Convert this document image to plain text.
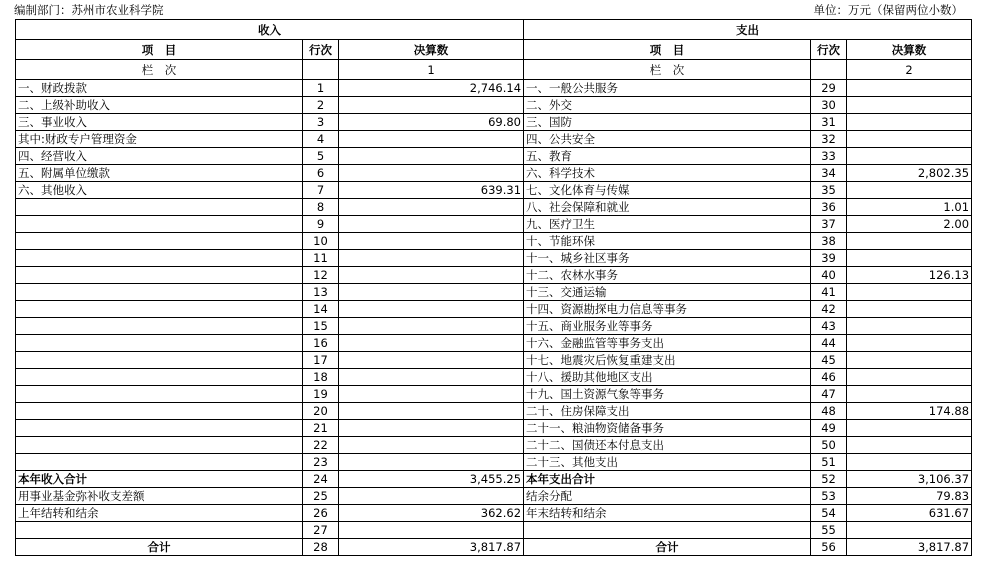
编制部门：苏州市农业科学院	单位：万元（保留两位小数）
收入			支出		
项　目	行次	决算数	项　目	行次	决算数
栏　次		1	栏　次		2
一、财政拨款	1	2,746.14	一、一般公共服务	29	
二、上级补助收入	2		二、外交	30	
三、事业收入	3	69.80	三、国防	31	
其中:财政专户管理资金	4		四、公共安全	32	
四、经营收入	5		五、教育	33	
五、附属单位缴款	6		六、科学技术	34	2,802.35
六、其他收入	7	639.31	七、文化体育与传媒	35	
	8		八、社会保障和就业	36	1.01
	9		九、医疗卫生	37	2.00
	10		十、节能环保	38	
	11		十一、城乡社区事务	39	
	12		十二、农林水事务	40	126.13
	13		十三、交通运输	41	
	14		十四、资源勘探电力信息等事务	42	
	15		十五、商业服务业等事务	43	
	16		十六、金融监管等事务支出	44	
	17		十七、地震灾后恢复重建支出	45	
	18		十八、援助其他地区支出	46	
	19		十九、国土资源气象等事务	47	
	20		二十、住房保障支出	48	174.88
	21		二十一、粮油物资储备事务	49	
	22		二十二、国债还本付息支出	50	
	23		二十三、其他支出	51	
本年收入合计	24	3,455.25	本年支出合计	52	3,106.37
用事业基金弥补收支差额	25		结余分配	53	79.83
上年结转和结余	26	362.62	年末结转和结余	54	631.67
	27			55	
合计	28	3,817.87	合计	56	3,817.87
